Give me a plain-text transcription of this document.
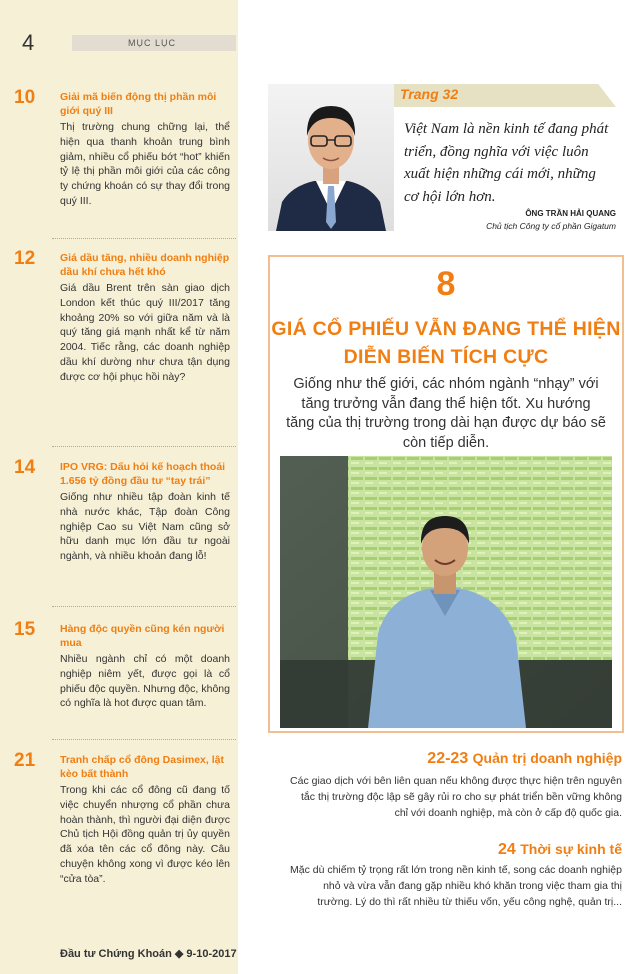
4	MỤC LỤC
10	Giải mã biến động thị phần môi giới quý III
Thị trường chung chững lại, thể hiện qua thanh khoản trung bình giảm, nhiều cổ phiếu bớt “hot” khiến tỷ lệ thị phần môi giới của các công ty chứng khoán có sự thay đổi trong quý III.
12	Giá dầu tăng, nhiều doanh nghiệp dầu khí chưa hết khó
Giá dầu Brent trên sàn giao dịch London kết thúc quý III/2017 tăng khoảng 20% so với giữa năm và là quý tăng giá mạnh nhất kể từ năm 2004. Tiếc rằng, các doanh nghiệp dầu khí dường như chưa tận dụng được cơ hội phục hồi này?
14	IPO VRG: Dấu hỏi kế hoạch thoái 1.656 tỷ đồng đầu tư “tay trái”
Giống như nhiều tập đoàn kinh tế nhà nước khác, Tập đoàn Công nghiệp Cao su Việt Nam cũng sở hữu danh mục lớn đầu tư ngoài ngành, và nhiều khoản đang lỗ!
15	Hàng độc quyền cũng kén người mua
Nhiều ngành chỉ có một doanh nghiệp niêm yết, được gọi là cổ phiếu độc quyền. Nhưng độc, không có nghĩa là hot được quan tâm.
21	Tranh chấp cổ đông Dasimex, lật kèo bất thành
Trong khi các cổ đông cũ đang tố việc chuyển nhượng cổ phần chưa hoàn thành, thì người đại diện được Chủ tịch Hội đồng quản trị ủy quyền đã xóa tên các cổ đông này. Câu chuyện không xong vì được kéo lên “cửa tòa”.
Đầu tư Chứng Khoán ◆ 9-10-2017
Trang 32
Việt Nam là nền kinh tế đang phát triển, đồng nghĩa với việc luôn xuất hiện những cái mới, những cơ hội lớn hơn.
ÔNG TRẦN HẢI QUANG
Chủ tịch Công ty cổ phần Gigatum
8
GIÁ CỔ PHIẾU VẪN ĐANG THỂ HIỆN DIỄN BIẾN TÍCH CỰC
Giống như thế giới, các nhóm ngành “nhạy” với tăng trưởng vẫn đang thể hiện tốt. Xu hướng tăng của thị trường trong dài hạn được dự báo sẽ còn tiếp diễn.
22-23 Quản trị doanh nghiệp
Các giao dịch với bên liên quan nếu không được thực hiện trên nguyên tắc thị trường độc lập sẽ gây rủi ro cho sự phát triển bền vững không chỉ với doanh nghiệp, mà còn ở cấp độ quốc gia.
24 Thời sự kinh tế
Mặc dù chiếm tỷ trọng rất lớn trong nền kinh tế, song các doanh nghiệp nhỏ và vừa vẫn đang gặp nhiều khó khăn trong việc tham gia thị trường. Lý do thì rất nhiều từ thiếu vốn, yếu công nghệ, quản trị...
